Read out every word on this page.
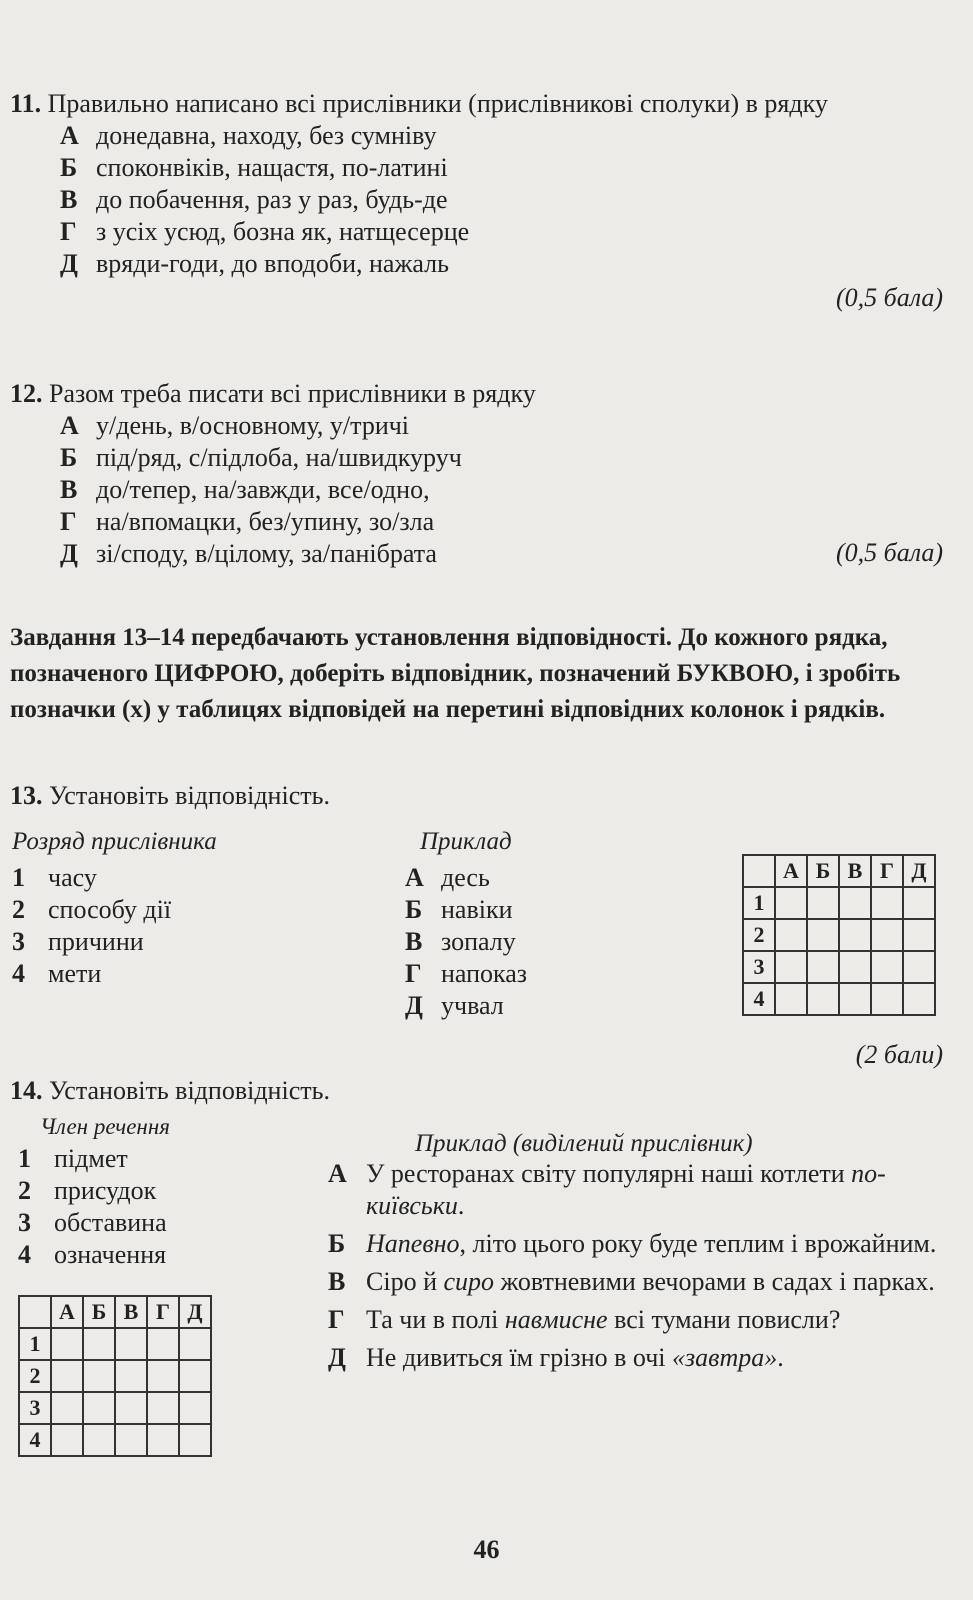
11. Правильно написано всі прислівники (прислівникові сполуки) в рядку
А донедавна, находу, без сумніву
Б споконвіків, нащастя, по-латині
В до побачення, раз у раз, будь-де
Г з усіх усюд, бозна як, натщесерце
Д вряди-годи, до вподоби, нажаль
(0,5 бала)
12. Разом треба писати всі прислівники в рядку
А у/день, в/основному, у/тричі
Б під/ряд, с/підлоба, на/швидкуруч
В до/тепер, на/завжди, все/одно,
Г на/впомацки, без/упину, зо/зла
Д зі/споду, в/цілому, за/панібрата	(0,5 бала)
Завдання 13–14 передбачають установлення відповідності. До кожного рядка, позначеного ЦИФРОЮ, доберіть відповідник, позначений БУКВОЮ, і зробіть позначки (х) у таблицях відповідей на перетині відповідних колонок і рядків.
13. Установіть відповідність.
Розряд прислівника	Приклад
1 часу
2 способу дії
3 причини
4 мети
А десь
Б навіки
В зопалу
Г напоказ
Д учвал
	А	Б	В	Г	Д
1					
2					
3					
4					
(2 бали)
14. Установіть відповідність.
Член речення
Приклад (виділений прислівник)
1 підмет
2 присудок
3 обставина
4 означення
	А	Б	В	Г	Д
1					
2					
3					
4					
А У ресторанах світу популярні наші котлети по-київськи.
Б Напевно, літо цього року буде теплим і врожайним.
В Сіро й сиро жовтневими вечорами в садах і парках.
Г Та чи в полі навмисне всі тумани повисли?
Д Не дивиться їм грізно в очі «завтра».
46
